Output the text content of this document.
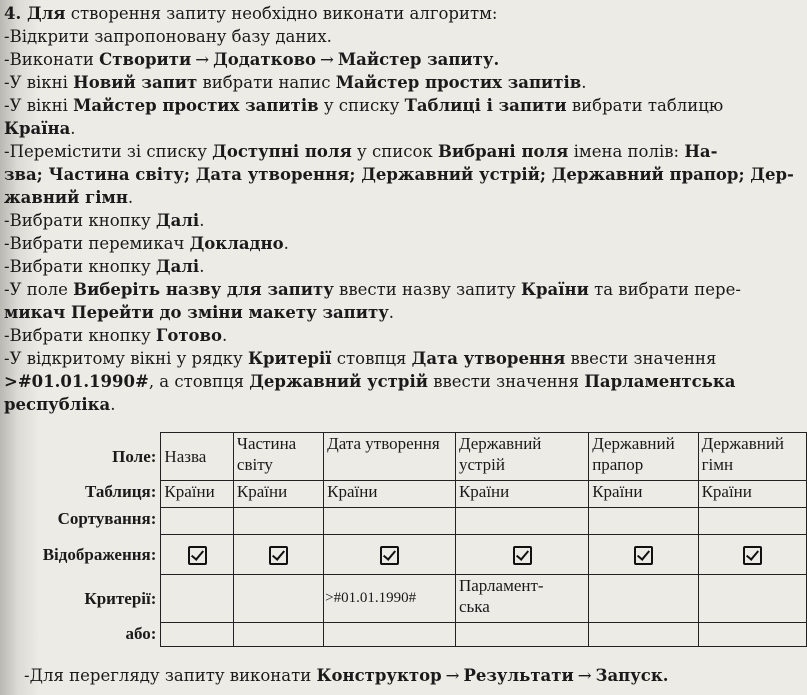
4. Для створення запиту необхідно виконати алгоритм:
-Відкрити запропоновану базу даних.
-Виконати Створити → Додатково → Майстер запиту.
-У вікні Новий запит вибрати напис Майстер простих запитів.
-У вікні Майстер простих запитів у списку Таблиці і запити вибрати таблицю
Країна.
-Перемістити зі списку Доступні поля у список Вибрані поля імена полів: На-
зва; Частина світу; Дата утворення; Державний устрій; Державний прапор; Дер-
жавний гімн.
-Вибрати кнопку Далі.
-Вибрати перемикач Докладно.
-Вибрати кнопку Далі.
-У поле Виберіть назву для запиту ввести назву запиту Країни та вибрати пере-
микач Перейти до зміни макету запиту.
-Вибрати кнопку Готово.
-У відкритому вікні у рядку Критерії стовпця Дата утворення ввести значення
>#01.01.1990#, а стовпця Державний устрій ввести значення Парламентська
республіка.
Поле:	Назва	Частина світу	Дата утворення	Державний устрій	Державний прапор	Державний гімн
Таблиця:	Країни	Країни	Країни	Країни	Країни	Країни
Сортування:						
Відображення:						
Критерії:			>#01.01.1990#	Парламент-ська		
або:						
-Для перегляду запиту виконати Конструктор → Результати → Запуск.
